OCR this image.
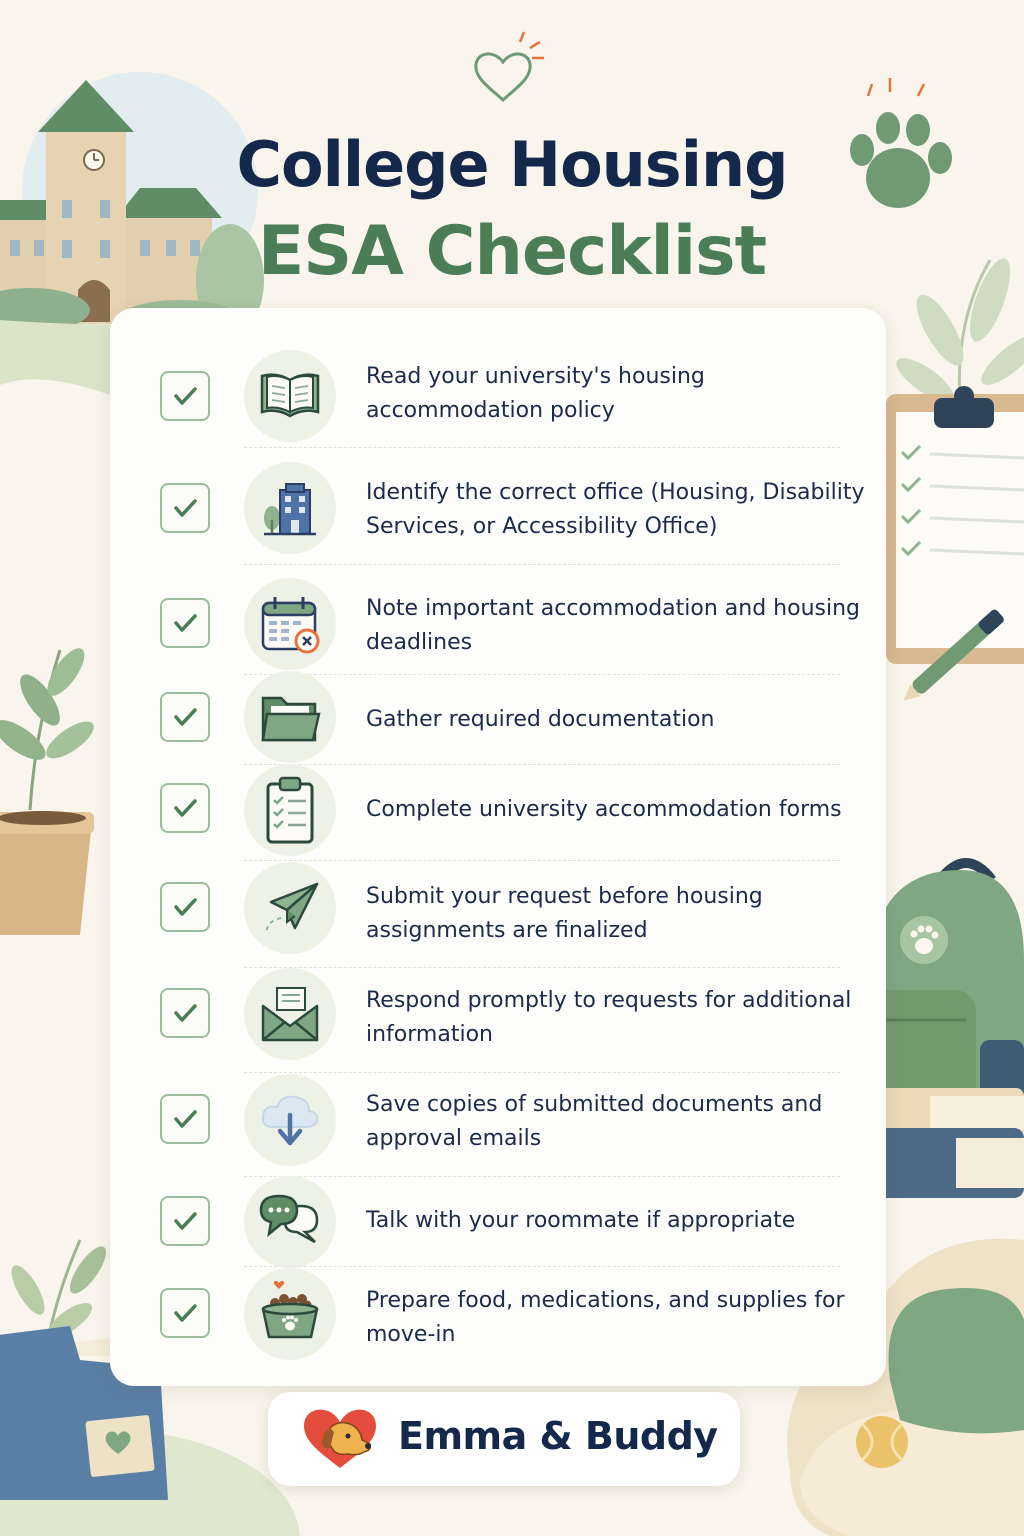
College Housing
ESA Checklist
Read your university's housing accommodation policy
Identify the correct office (Housing, Disability Services, or Accessibility Office)
Note important accommodation and housing deadlines
Gather required documentation
Complete university accommodation forms
Submit your request before housing assignments are finalized
Respond promptly to requests for additional information
Save copies of submitted documents and approval emails
Talk with your roommate if appropriate
Prepare food, medications, and supplies for move-in
Emma & Buddy
